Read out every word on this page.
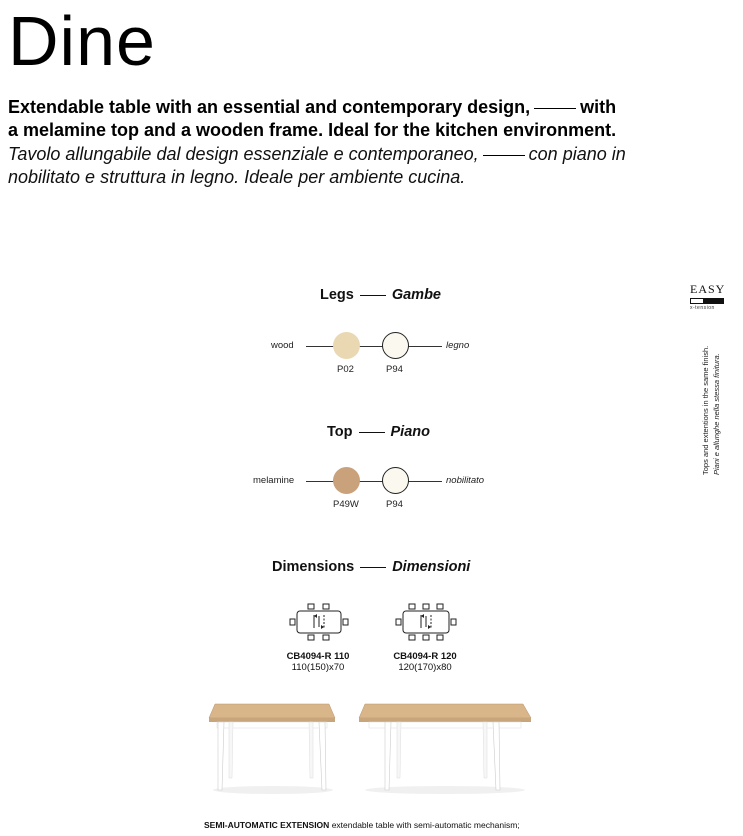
Dine
Extendable table with an essential and contemporary design,	with
a melamine top and a wooden frame. Ideal for the kitchen environment.
Tavolo allungabile dal design essenziale e contemporaneo,	con piano in
nobilitato e struttura in legno. Ideale per ambiente cucina.
Legs	Gambe
wood	legno
P02	P94
Top	Piano
melamine	nobilitato
P49W	P94
Dimensions	Dimensioni
CB4094-R 110
110(150)x70
CB4094-R 120
120(170)x80
EASY
x-tension
Tops and extentions in the same finish. Piani e allunghe nella stessa finitura.
SEMI-AUTOMATIC EXTENSION extendable table with semi-automatic mechanism;
